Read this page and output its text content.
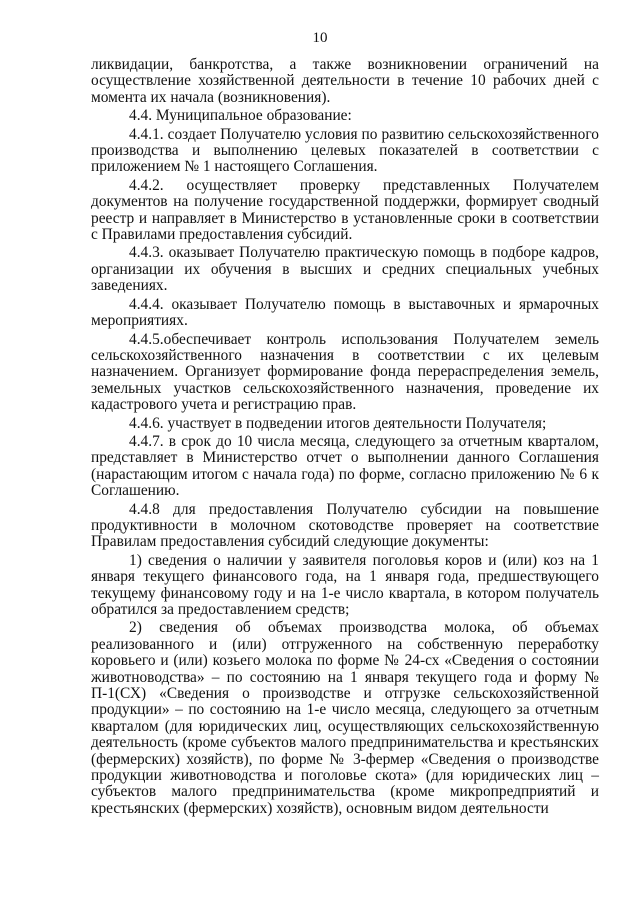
10

ликвидации, банкротства, а также возникновении ограничений на осуществление хозяйственной деятельности в течение 10 рабочих дней с момента их начала (возникновения).

4.4. Муниципальное образование:

4.4.1. создает Получателю условия по развитию сельскохозяйственного производства и выполнению целевых показателей в соответствии с приложением № 1 настоящего Соглашения.

4.4.2. осуществляет проверку представленных Получателем документов на получение государственной поддержки, формирует сводный реестр и направляет в Министерство в установленные сроки в соответствии с Правилами предоставления субсидий.

4.4.3. оказывает Получателю практическую помощь в подборе кадров, организации их обучения в высших и средних специальных учебных заведениях.

4.4.4. оказывает Получателю помощь в выставочных и ярмарочных мероприятиях.

4.4.5.обеспечивает контроль использования Получателем земель сельскохозяйственного назначения в соответствии с их целевым назначением. Организует формирование фонда перераспределения земель, земельных участков сельскохозяйственного назначения, проведение их кадастрового учета и регистрацию прав.

4.4.6. участвует в подведении итогов деятельности Получателя;

4.4.7. в срок до 10 числа месяца, следующего за отчетным кварталом, представляет в Министерство отчет о выполнении данного Соглашения (нарастающим итогом с начала года) по форме, согласно приложению № 6 к Соглашению.

4.4.8 для предоставления Получателю субсидии на повышение продуктивности в молочном скотоводстве проверяет на соответствие Правилам предоставления субсидий следующие документы:

1) сведения о наличии у заявителя поголовья коров и (или) коз на 1 января текущего финансового года, на 1 января года, предшествующего текущему финансовому году и на 1-е число квартала, в котором получатель обратился за предоставлением средств;

2) сведения об объемах производства молока, об объемах реализованного и (или) отгруженного на собственную переработку коровьего и (или) козьего молока по форме № 24-сх «Сведения о состоянии животноводства» – по состоянию на 1 января текущего года и форму № П-1(СХ) «Сведения о производстве и отгрузке сельскохозяйственной продукции» – по состоянию на 1-е число месяца, следующего за отчетным кварталом (для юридических лиц, осуществляющих сельскохозяйственную деятельность (кроме субъектов малого предпринимательства и крестьянских (фермерских) хозяйств), по форме № 3-фермер «Сведения о производстве продукции животноводства и поголовье скота» (для юридических лиц – субъектов малого предпринимательства (кроме микропредприятий и крестьянских (фермерских) хозяйств), основным видом деятельности
